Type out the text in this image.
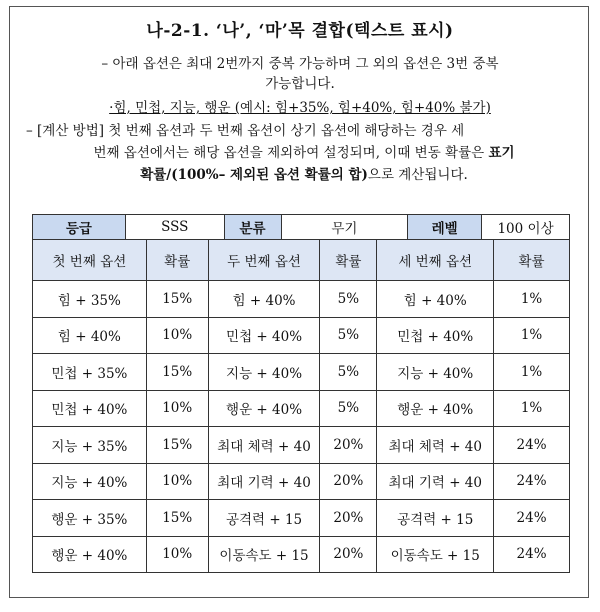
나-2-1. ‘나’, ‘마’목 결합(텍스트 표시)
– 아래 옵션은 최대 2번까지 중복 가능하며 그 외의 옵션은 3번 중복
가능합니다.
·힘, 민첩, 지능, 행운 (예시: 힘+35%, 힘+40%, 힘+40% 불가)
– [계산 방법] 첫 번째 옵션과 두 번째 옵션이 상기 옵션에 해당하는 경우 세
번째 옵션에서는 해당 옵션을 제외하여 설정되며, 이때 변동 확률은 표기
확률/(100%– 제외된 옵션 확률의 합)으로 계산됩니다.
등급	SSS	분류	무기	레벨	100 이상
첫 번째 옵션	확률	두 번째 옵션	확률	세 번째 옵션	확률
힘 + 35%	15%	힘 + 40%	5%	힘 + 40%	1%
힘 + 40%	10%	민첩 + 40%	5%	민첩 + 40%	1%
민첩 + 35%	15%	지능 + 40%	5%	지능 + 40%	1%
민첩 + 40%	10%	행운 + 40%	5%	행운 + 40%	1%
지능 + 35%	15%	최대 체력 + 40	20%	최대 체력 + 40	24%
지능 + 40%	10%	최대 기력 + 40	20%	최대 기력 + 40	24%
행운 + 35%	15%	공격력 + 15	20%	공격력 + 15	24%
행운 + 40%	10%	이동속도 + 15	20%	이동속도 + 15	24%
